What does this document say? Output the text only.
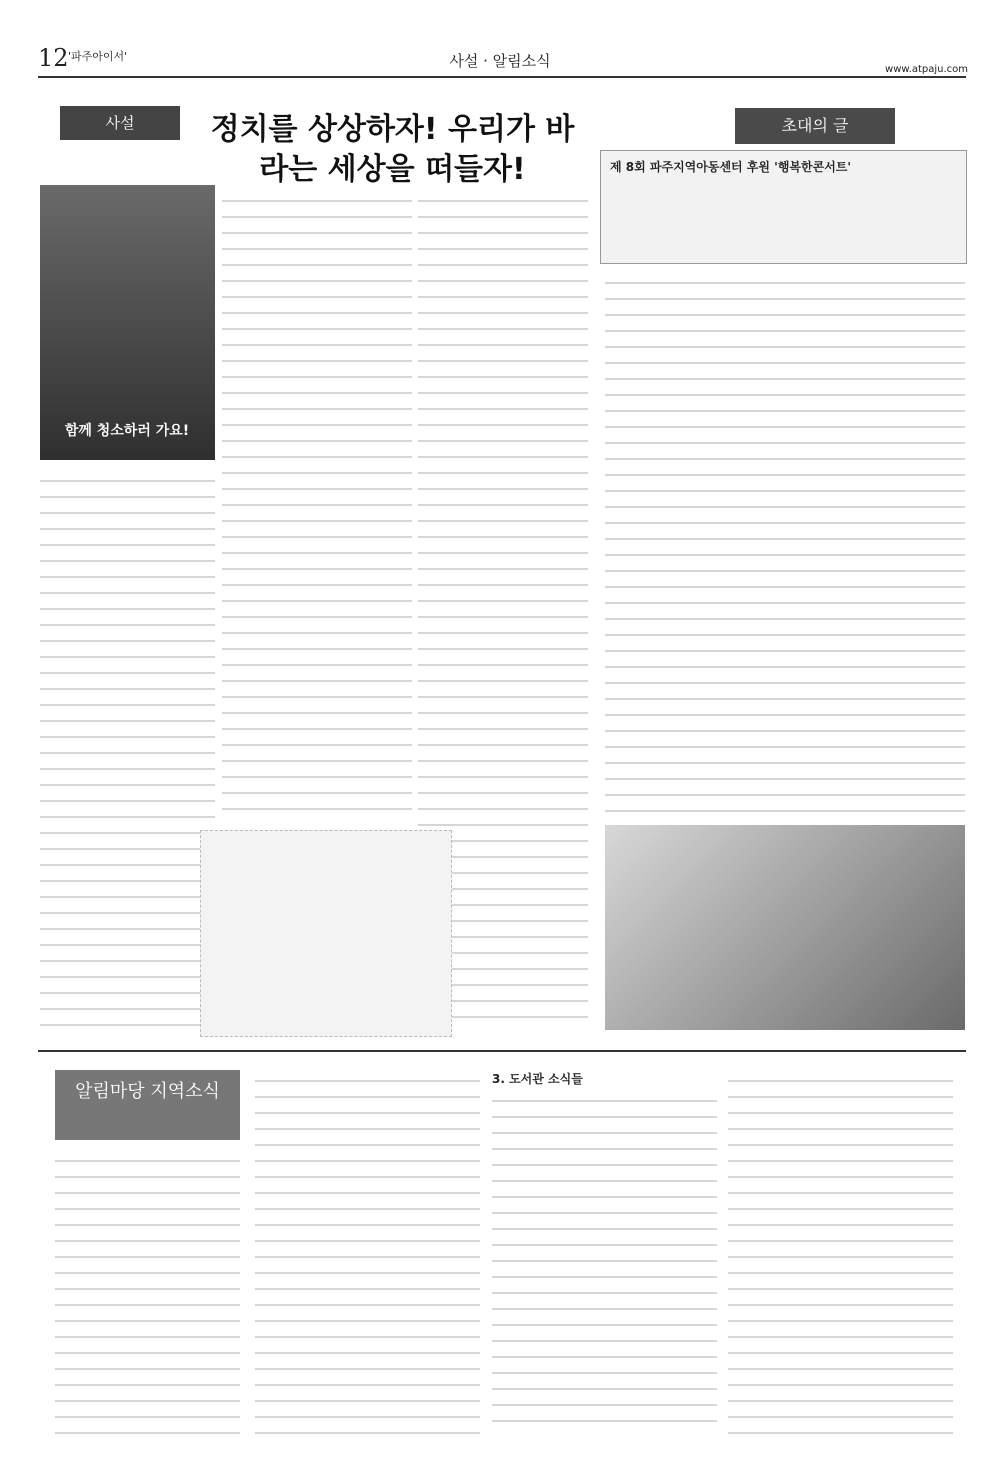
12 '파주아이서'	사설 · 알림소식	www.atpaju.com
사설	정치를 상상하자! 우리가 바라는 세상을 떠들자!
함께 청소하러 가요!
초대의 글
제 8회 파주지역아동센터 후원 '행복한콘서트'
알림마당 지역소식
3. 도서관 소식들
